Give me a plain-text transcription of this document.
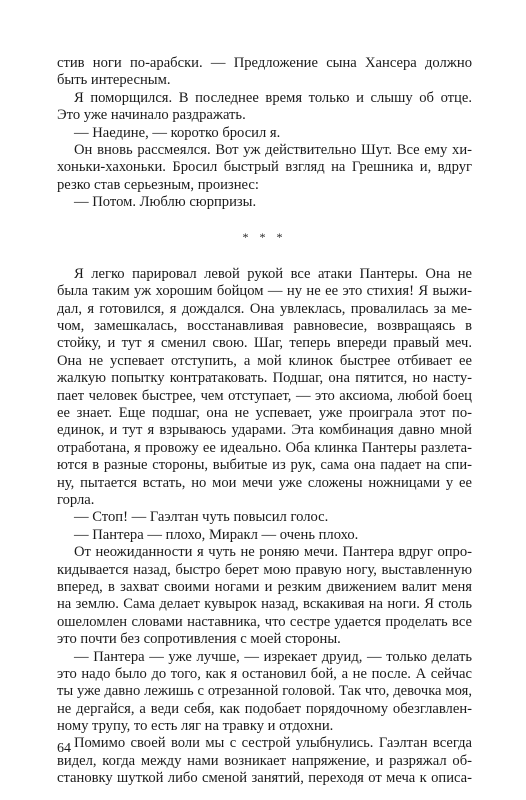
стив ноги по-арабски. — Предложение сына Хансера должно
быть интересным.
Я поморщился. В последнее время только и слышу об отце.
Это уже начинало раздражать.
— Наедине, — коротко бросил я.
Он вновь рассмеялся. Вот уж действительно Шут. Все ему хи-
хоньки-хахоньки. Бросил быстрый взгляд на Грешника и, вдруг
резко став серьезным, произнес:
— Потом. Люблю сюрпризы.
* * *
Я легко парировал левой рукой все атаки Пантеры. Она не
была таким уж хорошим бойцом — ну не ее это стихия! Я выжи-
дал, я готовился, я дождался. Она увлеклась, провалилась за ме-
чом, замешкалась, восстанавливая равновесие, возвращаясь в
стойку, и тут я сменил свою. Шаг, теперь впереди правый меч.
Она не успевает отступить, а мой клинок быстрее отбивает ее
жалкую попытку контратаковать. Подшаг, она пятится, но насту-
пает человек быстрее, чем отступает, — это аксиома, любой боец
ее знает. Еще подшаг, она не успевает, уже проиграла этот по-
единок, и тут я взрываюсь ударами. Эта комбинация давно мной
отработана, я провожу ее идеально. Оба клинка Пантеры разлета-
ются в разные стороны, выбитые из рук, сама она падает на спи-
ну, пытается встать, но мои мечи уже сложены ножницами у ее
горла.
— Стоп! — Гаэлтан чуть повысил голос.
— Пантера — плохо, Миракл — очень плохо.
От неожиданности я чуть не роняю мечи. Пантера вдруг опро-
кидывается назад, быстро берет мою правую ногу, выставленную
вперед, в захват своими ногами и резким движением валит меня
на землю. Сама делает кувырок назад, вскакивая на ноги. Я столь
ошеломлен словами наставника, что сестре удается проделать все
это почти без сопротивления с моей стороны.
— Пантера — уже лучше, — изрекает друид, — только делать
это надо было до того, как я остановил бой, а не после. А сейчас
ты уже давно лежишь с отрезанной головой. Так что, девочка моя,
не дергайся, а веди себя, как подобает порядочному обезглавлен-
ному трупу, то есть ляг на травку и отдохни.
Помимо своей воли мы с сестрой улыбнулись. Гаэлтан всегда
видел, когда между нами возникает напряжение, и разряжал об-
становку шуткой либо сменой занятий, переходя от меча к описа-
64
